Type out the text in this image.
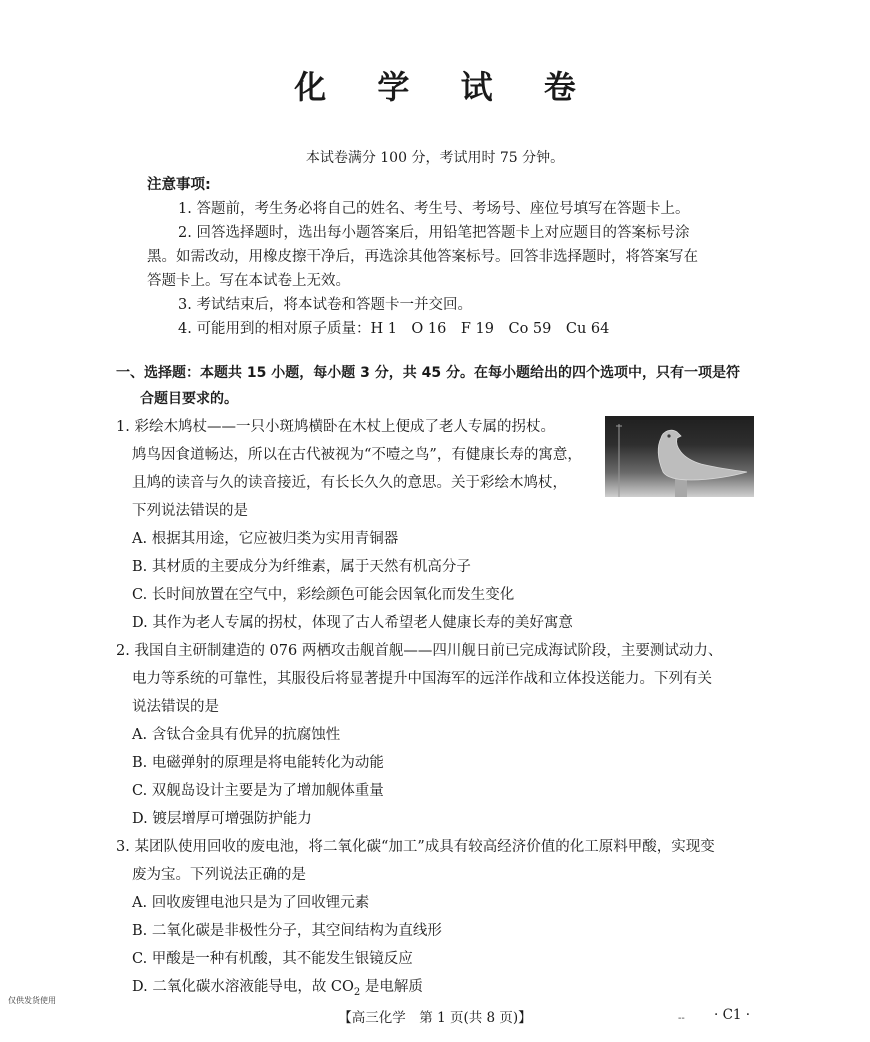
化 学 试 卷
本试卷满分 100 分，考试用时 75 分钟。
注意事项:
1. 答题前，考生务必将自己的姓名、考生号、考场号、座位号填写在答题卡上。
2. 回答选择题时，选出每小题答案后，用铅笔把答题卡上对应题目的答案标号涂
黑。如需改动，用橡皮擦干净后，再选涂其他答案标号。回答非选择题时，将答案写在
答题卡上。写在本试卷上无效。
3. 考试结束后，将本试卷和答题卡一并交回。
4. 可能用到的相对原子质量：H 1　O 16　F 19　Co 59　Cu 64
一、选择题：本题共 15 小题，每小题 3 分，共 45 分。在每小题给出的四个选项中，只有一项是符
合题目要求的。
1. 彩绘木鸠杖——一只小斑鸠横卧在木杖上便成了老人专属的拐杖。
鸠鸟因食道畅达，所以在古代被视为“不噎之鸟”，有健康长寿的寓意，
且鸠的读音与久的读音接近，有长长久久的意思。关于彩绘木鸠杖，
下列说法错误的是
A. 根据其用途，它应被归类为实用青铜器
B. 其材质的主要成分为纤维素，属于天然有机高分子
C. 长时间放置在空气中，彩绘颜色可能会因氧化而发生变化
D. 其作为老人专属的拐杖，体现了古人希望老人健康长寿的美好寓意
2. 我国自主研制建造的 076 两栖攻击舰首舰——四川舰日前已完成海试阶段，主要测试动力、
电力等系统的可靠性，其服役后将显著提升中国海军的远洋作战和立体投送能力。下列有关
说法错误的是
A. 含钛合金具有优异的抗腐蚀性
B. 电磁弹射的原理是将电能转化为动能
C. 双舰岛设计主要是为了增加舰体重量
D. 镀层增厚可增强防护能力
3. 某团队使用回收的废电池，将二氧化碳“加工”成具有较高经济价值的化工原料甲酸，实现变
废为宝。下列说法正确的是
A. 回收废锂电池只是为了回收锂元素
B. 二氧化碳是非极性分子，其空间结构为直线形
C. 甲酸是一种有机酸，其不能发生银镜反应
D. 二氧化碳水溶液能导电，故 $CO_2$ 是电解质
仅供发货使用
【高三化学　第 1 页(共 8 页)】	-- · C1 ·
